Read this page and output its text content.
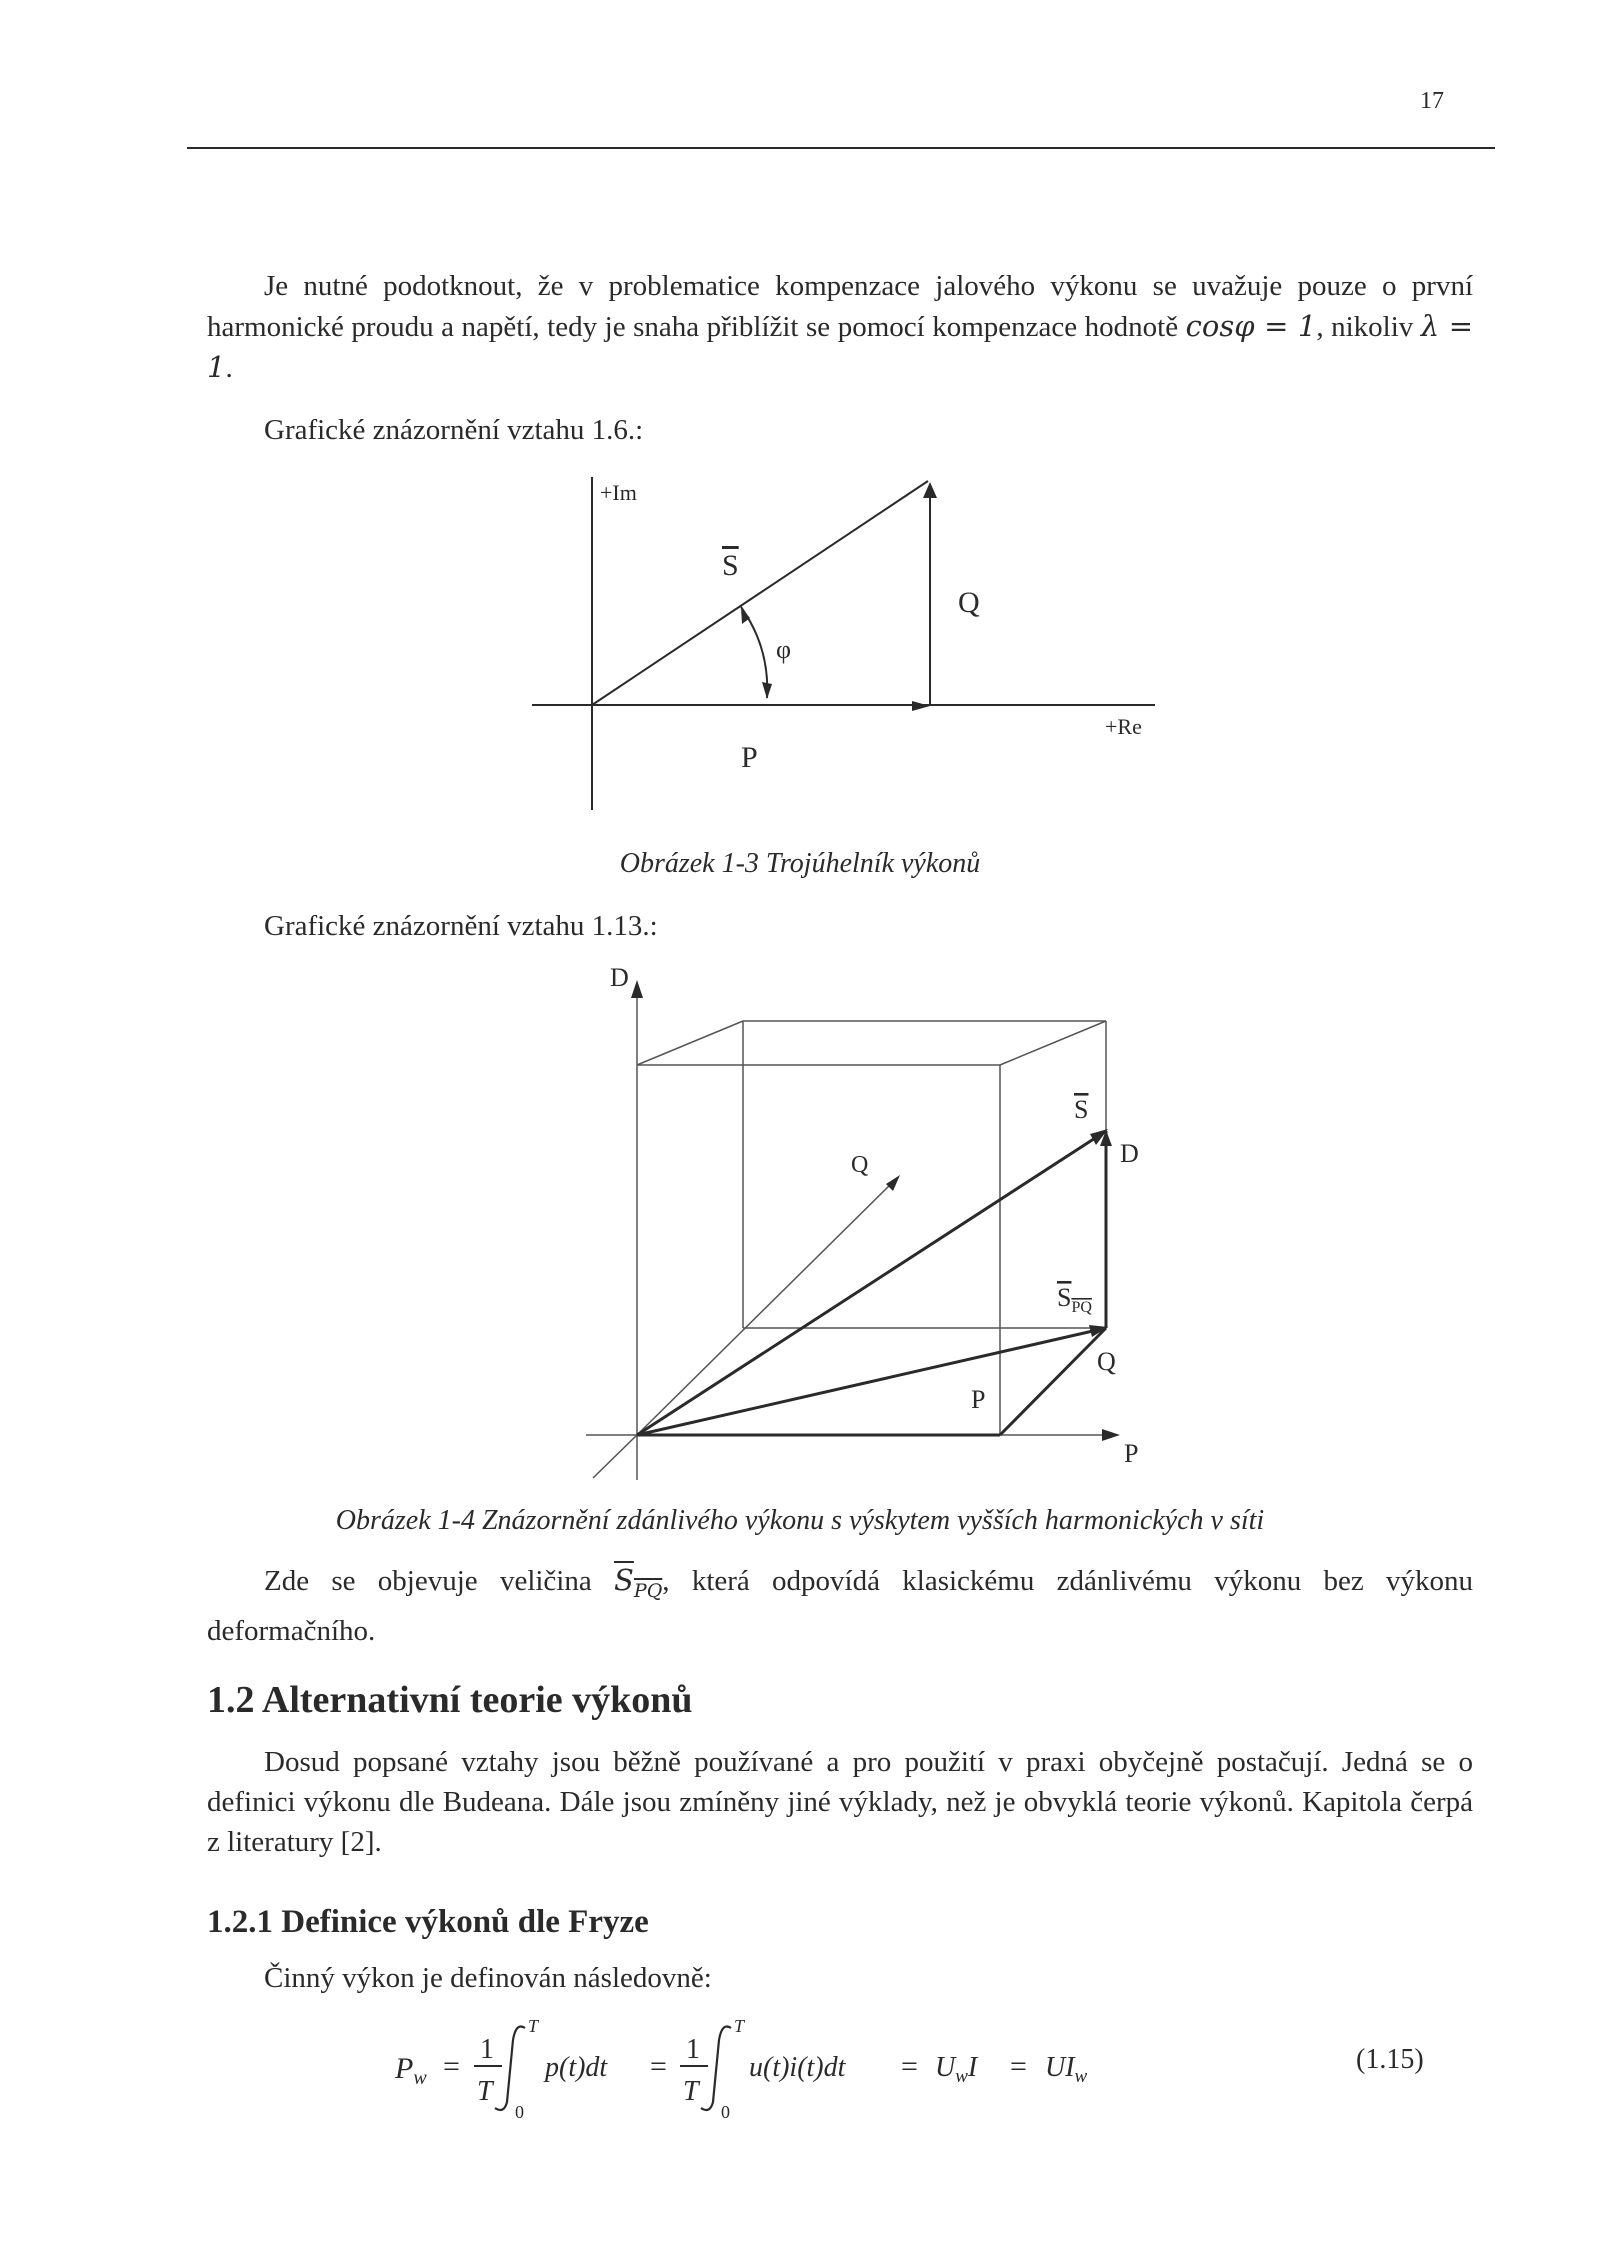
17
Je nutné podotknout, že v problematice kompenzace jalového výkonu se uvažuje pouze o první harmonické proudu a napětí, tedy je snaha přiblížit se pomocí kompenzace hodnotě cosφ = 1, nikoliv λ = 1.
Grafické znázornění vztahu 1.6.:
+Im
+Re
S
Q
φ
P
Obrázek 1-3 Trojúhelník výkonů
Grafické znázornění vztahu 1.13.:
D
S
D
Q
$S_{PQ}$
Q
P
P
Obrázek 1-4 Znázornění zdánlivého výkonu s výskytem vyšších harmonických v síti
Zde se objevuje veličina $S_{PQ}$, která odpovídá klasickému zdánlivému výkonu bez výkonu deformačního.
1.2 Alternativní teorie výkonů
Dosud popsané vztahy jsou běžně používané a pro použití v praxi obyčejně postačují. Jedná se o definici výkonu dle Budeana. Dále jsou zmíněny jiné výklady, než je obvyklá teorie výkonů. Kapitola čerpá z literatury [2].
1.2.1 Definice výkonů dle Fryze
Činný výkon je definován následovně:
$P_w$ =
1
T
T
0
p(t)dt =
1
T
T
0
$u(t)i(t)dt = U_wI = UI_w$
(1.15)
